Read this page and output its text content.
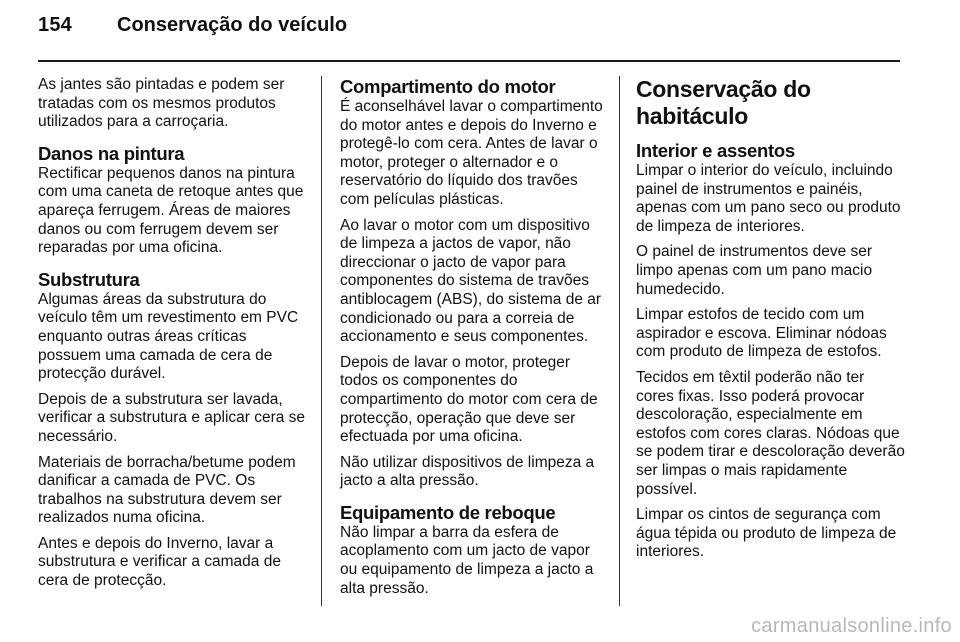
154 Conservação do veículo

As jantes são pintadas e podem ser tratadas com os mesmos produtos utilizados para a carroçaria.

Danos na pintura

Rectificar pequenos danos na pintura com uma caneta de retoque antes que apareça ferrugem. Áreas de maiores danos ou com ferrugem devem ser reparadas por uma oficina.

Substrutura

Algumas áreas da substrutura do veículo têm um revestimento em PVC enquanto outras áreas críticas possuem uma camada de cera de protecção durável.

Depois de a substrutura ser lavada, verificar a substrutura e aplicar cera se necessário.

Materiais de borracha/betume podem danificar a camada de PVC. Os trabalhos na substrutura devem ser realizados numa oficina.

Antes e depois do Inverno, lavar a substrutura e verificar a camada de cera de protecção.

Compartimento do motor

É aconselhável lavar o compartimento do motor antes e depois do Inverno e protegê-lo com cera. Antes de lavar o motor, proteger o alternador e o reservatório do líquido dos travões com películas plásticas.

Ao lavar o motor com um dispositivo de limpeza a jactos de vapor, não direccionar o jacto de vapor para componentes do sistema de travões antiblocagem (ABS), do sistema de ar condicionado ou para a correia de accionamento e seus componentes.

Depois de lavar o motor, proteger todos os componentes do compartimento do motor com cera de protecção, operação que deve ser efectuada por uma oficina.

Não utilizar dispositivos de limpeza a jacto a alta pressão.

Equipamento de reboque

Não limpar a barra da esfera de acoplamento com um jacto de vapor ou equipamento de limpeza a jacto a alta pressão.

Conservação do habitáculo
Interior e assentos

Limpar o interior do veículo, incluindo painel de instrumentos e painéis, apenas com um pano seco ou produto de limpeza de interiores.

O painel de instrumentos deve ser limpo apenas com um pano macio humedecido.

Limpar estofos de tecido com um aspirador e escova. Eliminar nódoas com produto de limpeza de estofos.

Tecidos em têxtil poderão não ter cores fixas. Isso poderá provocar descoloração, especialmente em estofos com cores claras. Nódoas que se podem tirar e descoloração deverão ser limpas o mais rapidamente possível.

Limpar os cintos de segurança com água tépida ou produto de limpeza de interiores.

carmanualsonline.info
